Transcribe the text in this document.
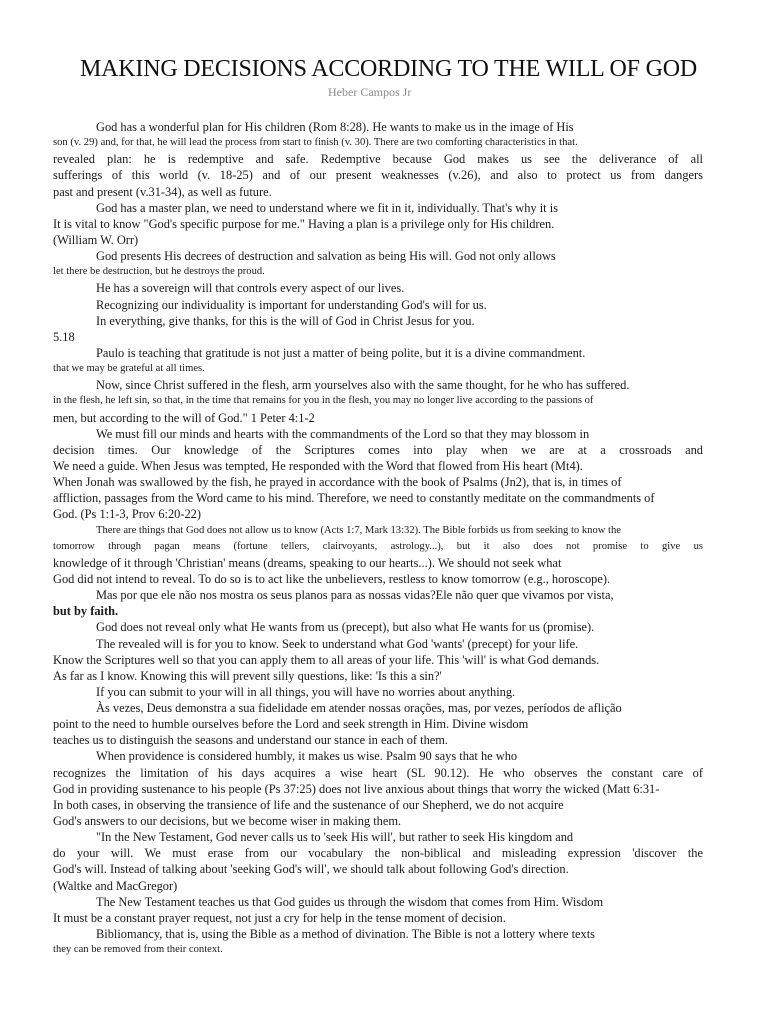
MAKING DECISIONS ACCORDING TO THE WILL OF GOD
Heber Campos Jr
God has a wonderful plan for His children (Rom 8:28). He wants to make us in the image of His
son (v. 29) and, for that, he will lead the process from start to finish (v. 30). There are two comforting characteristics in that.
revealed plan: he is redemptive and safe. Redemptive because God makes us see the deliverance of all
sufferings of this world (v. 18-25) and of our present weaknesses (v.26), and also to protect us from dangers
past and present (v.31-34), as well as future.
God has a master plan, we need to understand where we fit in it, individually. That's why it is
It is vital to know "God's specific purpose for me." Having a plan is a privilege only for His children.
(William W. Orr)
God presents His decrees of destruction and salvation as being His will. God not only allows
let there be destruction, but he destroys the proud.
He has a sovereign will that controls every aspect of our lives.
Recognizing our individuality is important for understanding God's will for us.
In everything, give thanks, for this is the will of God in Christ Jesus for you.
5.18
Paulo is teaching that gratitude is not just a matter of being polite, but it is a divine commandment.
that we may be grateful at all times.
Now, since Christ suffered in the flesh, arm yourselves also with the same thought, for he who has suffered.
in the flesh, he left sin, so that, in the time that remains for you in the flesh, you may no longer live according to the passions of
men, but according to the will of God." 1 Peter 4:1-2
We must fill our minds and hearts with the commandments of the Lord so that they may blossom in
decision times. Our knowledge of the Scriptures comes into play when we are at a crossroads and
We need a guide. When Jesus was tempted, He responded with the Word that flowed from His heart (Mt4).
When Jonah was swallowed by the fish, he prayed in accordance with the book of Psalms (Jn2), that is, in times of
affliction, passages from the Word came to his mind. Therefore, we need to constantly meditate on the commandments of
God. (Ps 1:1-3, Prov 6:20-22)
There are things that God does not allow us to know (Acts 1:7, Mark 13:32). The Bible forbids us from seeking to know the
tomorrow through pagan means (fortune tellers, clairvoyants, astrology...), but it also does not promise to give us
knowledge of it through 'Christian' means (dreams, speaking to our hearts...). We should not seek what
God did not intend to reveal. To do so is to act like the unbelievers, restless to know tomorrow (e.g., horoscope).
Mas por que ele não nos mostra os seus planos para as nossas vidas?Ele não quer que vivamos por vista,
but by faith.
God does not reveal only what He wants from us (precept), but also what He wants for us (promise).
The revealed will is for you to know. Seek to understand what God 'wants' (precept) for your life.
Know the Scriptures well so that you can apply them to all areas of your life. This 'will' is what God demands.
As far as I know. Knowing this will prevent silly questions, like: 'Is this a sin?'
If you can submit to your will in all things, you will have no worries about anything.
Às vezes, Deus demonstra a sua fidelidade em atender nossas orações, mas, por vezes, períodos de aflição
point to the need to humble ourselves before the Lord and seek strength in Him. Divine wisdom
teaches us to distinguish the seasons and understand our stance in each of them.
When providence is considered humbly, it makes us wise. Psalm 90 says that he who
recognizes the limitation of his days acquires a wise heart (SL 90.12). He who observes the constant care of
God in providing sustenance to his people (Ps 37:25) does not live anxious about things that worry the wicked (Matt 6:31-
In both cases, in observing the transience of life and the sustenance of our Shepherd, we do not acquire
God's answers to our decisions, but we become wiser in making them.
"In the New Testament, God never calls us to 'seek His will', but rather to seek His kingdom and
do your will. We must erase from our vocabulary the non-biblical and misleading expression 'discover the
God's will. Instead of talking about 'seeking God's will', we should talk about following God's direction.
(Waltke and MacGregor)
The New Testament teaches us that God guides us through the wisdom that comes from Him. Wisdom
It must be a constant prayer request, not just a cry for help in the tense moment of decision.
Bibliomancy, that is, using the Bible as a method of divination. The Bible is not a lottery where texts
they can be removed from their context.
